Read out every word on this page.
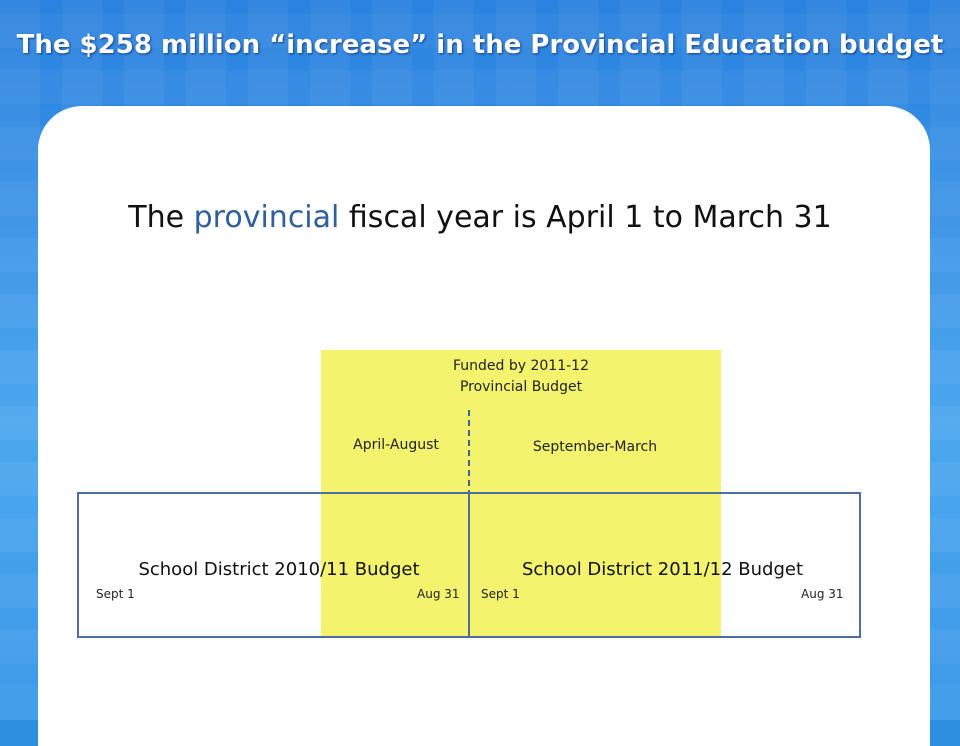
The $258 million “increase” in the Provincial Education budget

The provincial fiscal year is April 1 to March 31

Funded by 2011-12
Provincial Budget
April-August	September-March
School District 2010/11 Budget	School District 2011/12 Budget
Sept 1	Aug 31 Sept 1	Aug 31
